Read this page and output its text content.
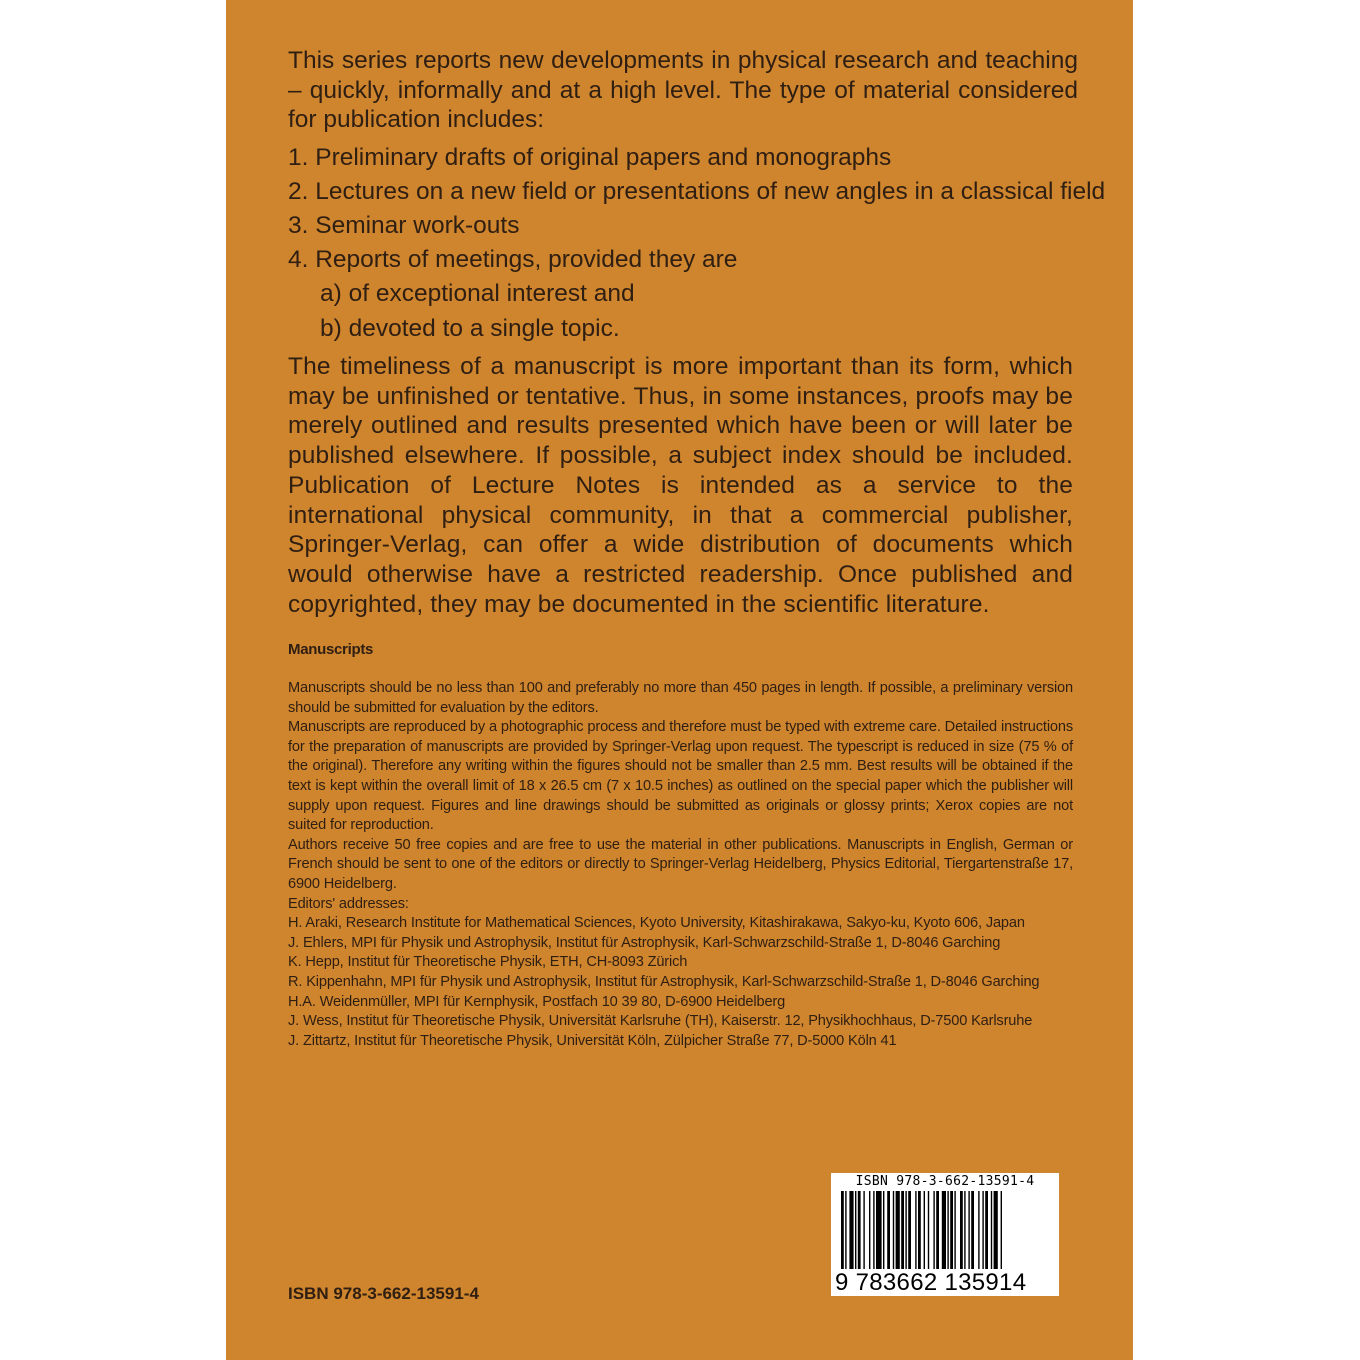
This series reports new developments in physical research and teaching – quickly, informally and at a high level. The type of material considered for publication includes:

1. Preliminary drafts of original papers and monographs
2. Lectures on a new field or presentations of new angles in a classical field
3. Seminar work-outs
4. Reports of meetings, provided they are
a) of exceptional interest and
b) devoted to a single topic.

The timeliness of a manuscript is more important than its form, which may be unfinished or tentative. Thus, in some instances, proofs may be merely outlined and results presented which have been or will later be published elsewhere. If possible, a subject index should be included. Publication of Lecture Notes is intended as a service to the international physical community, in that a commercial publisher, Springer-Verlag, can offer a wide distribution of documents which would otherwise have a restricted readership. Once published and copyrighted, they may be documented in the scientific literature.

Manuscripts

Manuscripts should be no less than 100 and preferably no more than 450 pages in length. If possible, a preliminary version should be submitted for evaluation by the editors.

Manuscripts are reproduced by a photographic process and therefore must be typed with extreme care. Detailed instructions for the preparation of manuscripts are provided by Springer-Verlag upon request. The typescript is reduced in size (75 % of the original). Therefore any writing within the figures should not be smaller than 2.5 mm. Best results will be obtained if the text is kept within the overall limit of 18 x 26.5 cm (7 x 10.5 inches) as outlined on the special paper which the publisher will supply upon request. Figures and line drawings should be submitted as originals or glossy prints; Xerox copies are not suited for reproduction.

Authors receive 50 free copies and are free to use the material in other publications. Manuscripts in English, German or French should be sent to one of the editors or directly to Springer-Verlag Heidelberg, Physics Editorial, Tiergartenstraße 17, 6900 Heidelberg.

Editors' addresses:

H. Araki, Research Institute for Mathematical Sciences, Kyoto University, Kitashirakawa, Sakyo-ku, Kyoto 606, Japan

J. Ehlers, MPI für Physik und Astrophysik, Institut für Astrophysik, Karl-Schwarzschild-Straße 1, D-8046 Garching

K. Hepp, Institut für Theoretische Physik, ETH, CH-8093 Zürich

R. Kippenhahn, MPI für Physik und Astrophysik, Institut für Astrophysik, Karl-Schwarzschild-Straße 1, D-8046 Garching

H.A. Weidenmüller, MPI für Kernphysik, Postfach 10 39 80, D-6900 Heidelberg

J. Wess, Institut für Theoretische Physik, Universität Karlsruhe (TH), Kaiserstr. 12, Physikhochhaus, D-7500 Karlsruhe

J. Zittartz, Institut für Theoretische Physik, Universität Köln, Zülpicher Straße 77, D-5000 Köln 41

ISBN 978-3-662-13591-4
9 783662 135914
ISBN 978-3-662-13591-4
